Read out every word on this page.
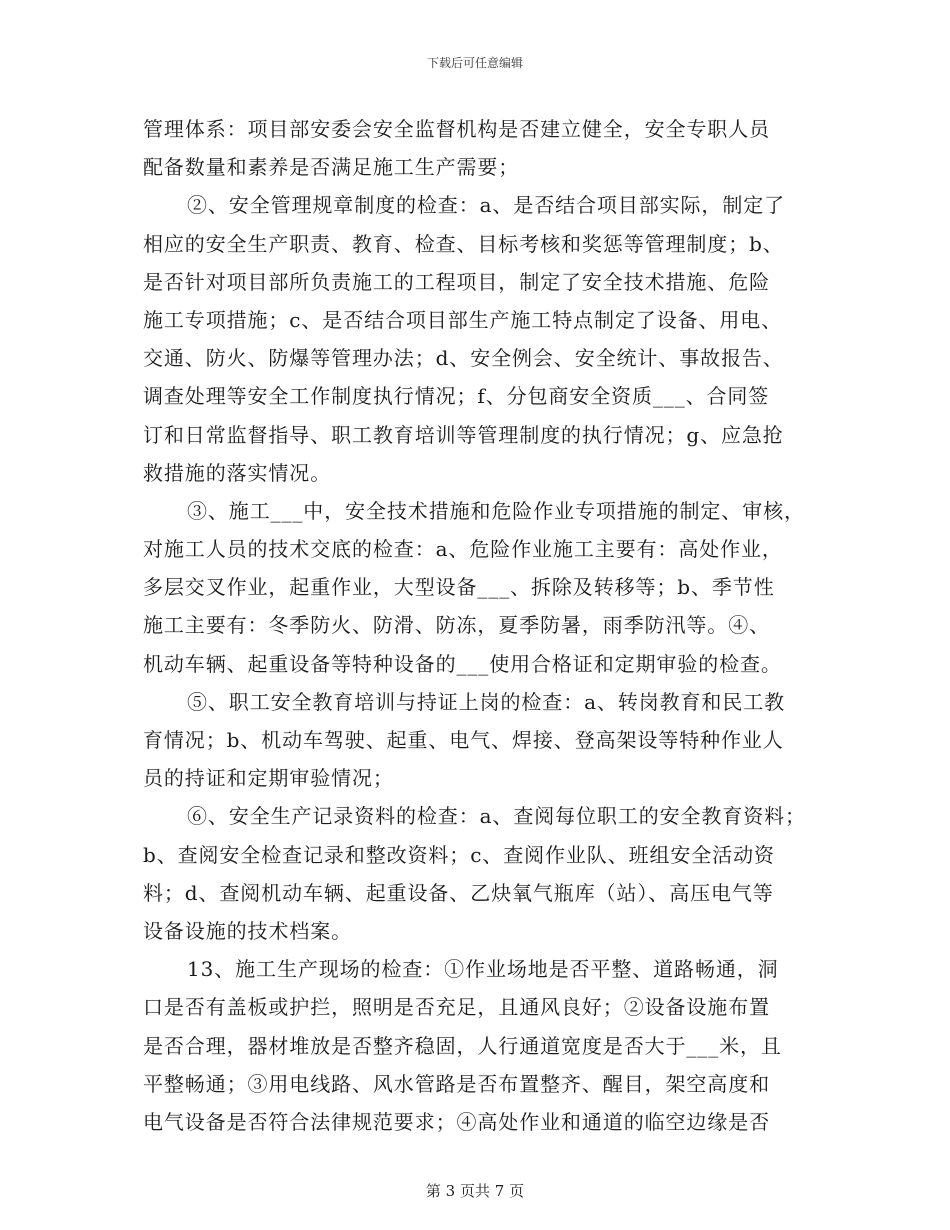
下载后可任意编辑
管理体系：项目部安委会安全监督机构是否建立健全，安全专职人员
配备数量和素养是否满足施工生产需要；
②、安全管理规章制度的检查：a、是否结合项目部实际，制定了
相应的安全生产职责、教育、检查、目标考核和奖惩等管理制度；b、
是否针对项目部所负责施工的工程项目，制定了安全技术措施、危险
施工专项措施；c、是否结合项目部生产施工特点制定了设备、用电、
交通、防火、防爆等管理办法；d、安全例会、安全统计、事故报告、
调查处理等安全工作制度执行情况；f、分包商安全资质___、合同签
订和日常监督指导、职工教育培训等管理制度的执行情况；g、应急抢
救措施的落实情况。
③、施工___中，安全技术措施和危险作业专项措施的制定、审核，
对施工人员的技术交底的检查：a、危险作业施工主要有：高处作业，
多层交叉作业，起重作业，大型设备___、拆除及转移等；b、季节性
施工主要有：冬季防火、防滑、防冻，夏季防暑，雨季防汛等。④、
机动车辆、起重设备等特种设备的___使用合格证和定期审验的检查。
⑤、职工安全教育培训与持证上岗的检查：a、转岗教育和民工教
育情况；b、机动车驾驶、起重、电气、焊接、登高架设等特种作业人
员的持证和定期审验情况；
⑥、安全生产记录资料的检查：a、查阅每位职工的安全教育资料；
b、查阅安全检查记录和整改资料；c、查阅作业队、班组安全活动资
料；d、查阅机动车辆、起重设备、乙炔氧气瓶库（站）、高压电气等
设备设施的技术档案。
13、施工生产现场的检查：①作业场地是否平整、道路畅通，洞
口是否有盖板或护拦，照明是否充足，且通风良好；②设备设施布置
是否合理，器材堆放是否整齐稳固，人行通道宽度是否大于___米，且
平整畅通；③用电线路、风水管路是否布置整齐、醒目，架空高度和
电气设备是否符合法律规范要求；④高处作业和通道的临空边缘是否
第 3 页共 7 页
